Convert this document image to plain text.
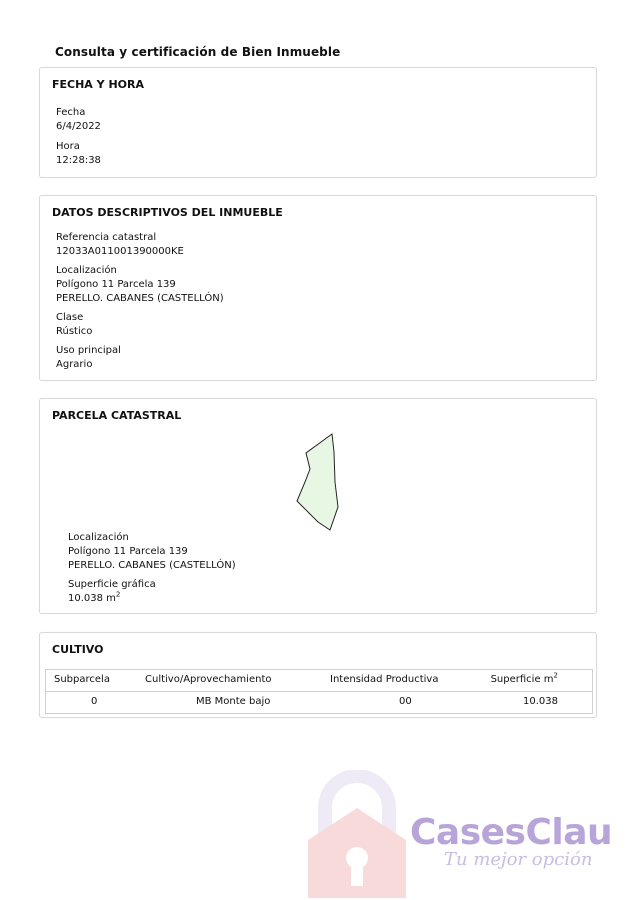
Consulta y certificación de Bien Inmueble
FECHA Y HORA
Fecha
6/4/2022
Hora
12:28:38
DATOS DESCRIPTIVOS DEL INMUEBLE
Referencia catastral
12033A011001390000KE
Localización
Polígono 11 Parcela 139
PERELLO. CABANES (CASTELLÓN)
Clase
Rústico
Uso principal
Agrario
PARCELA CATASTRAL
Localización
Polígono 11 Parcela 139
PERELLO. CABANES (CASTELLÓN)
Superficie gráfica
10.038 $m^2$
CULTIVO
Subparcela	Cultivo/Aprovechamiento	Intensidad Productiva	Superficie $m^2$
0	MB Monte bajo	00	10.038
CasesClau
Tu mejor opción
